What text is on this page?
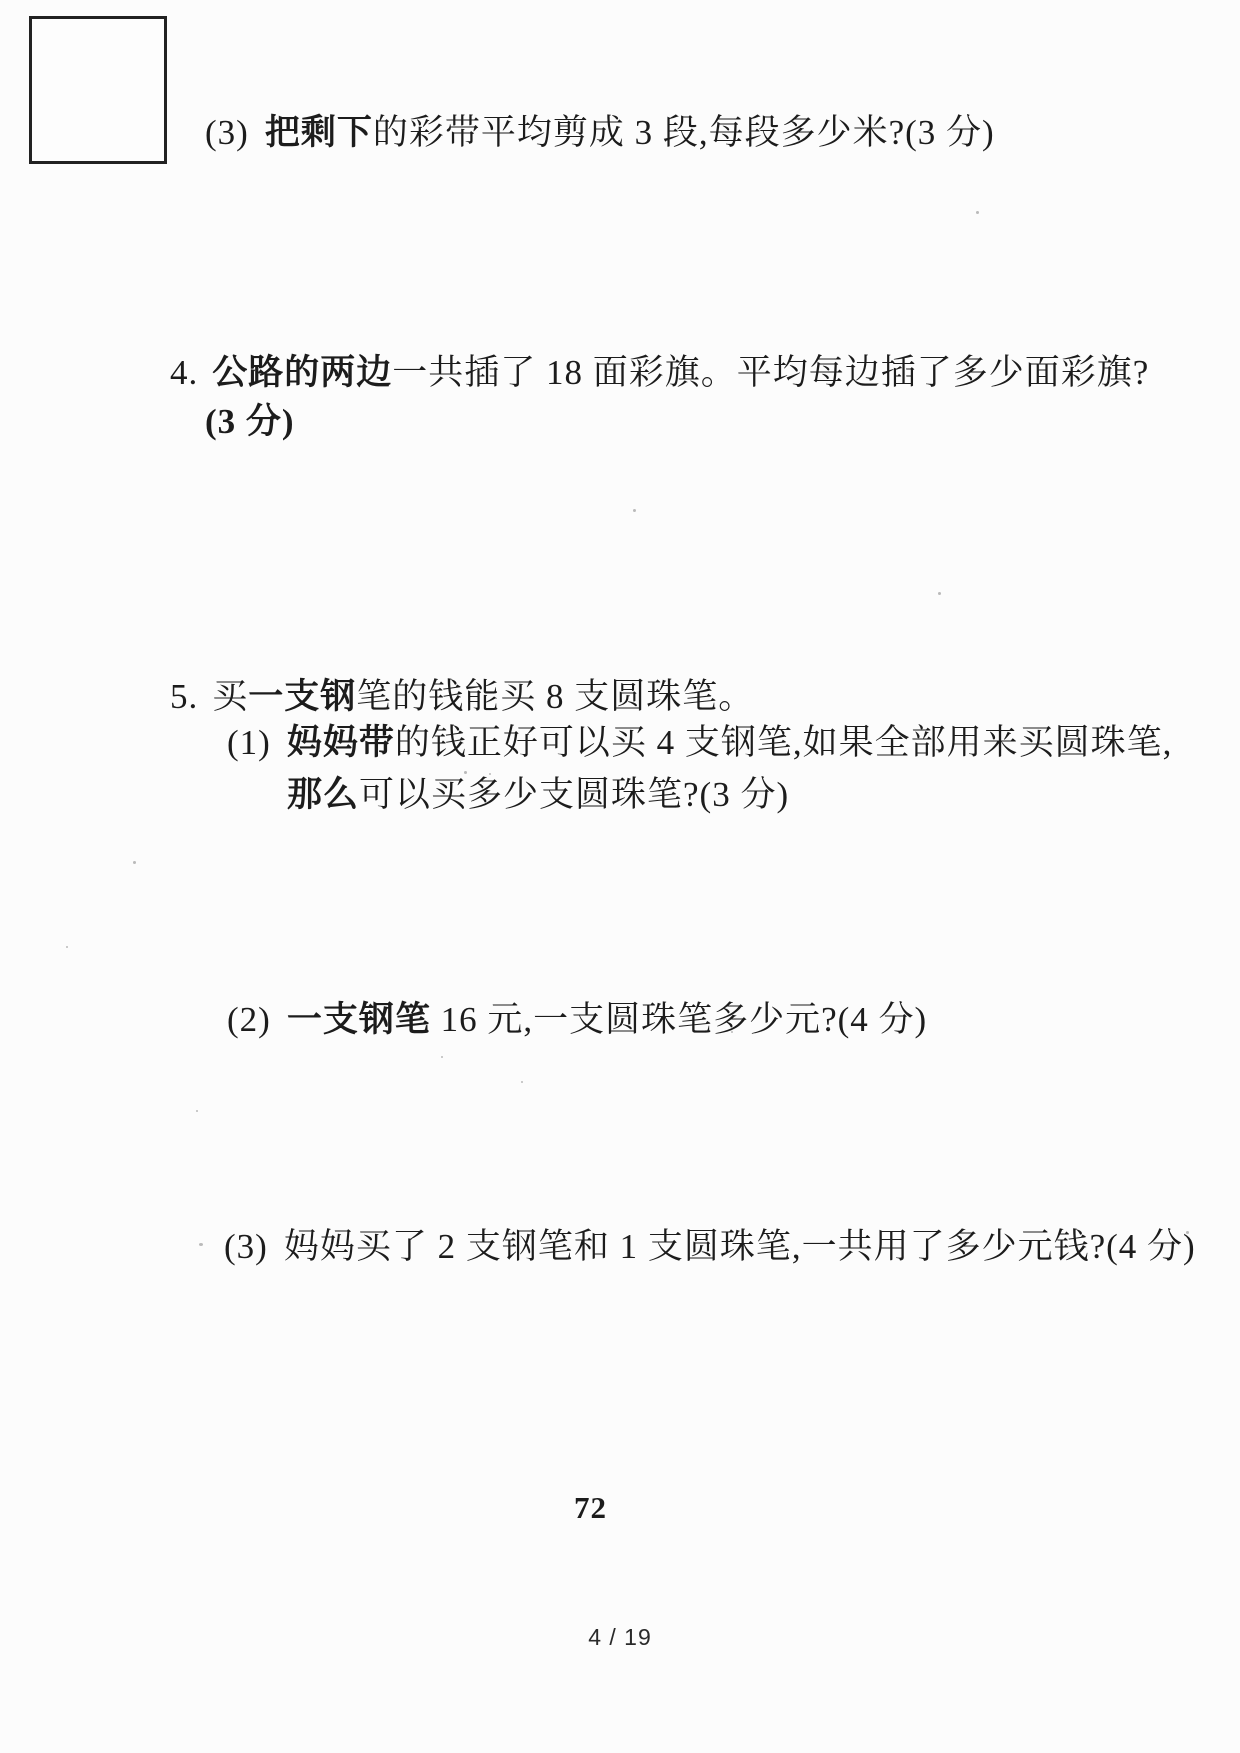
(3) 把剩下的彩带平均剪成 3 段,每段多少米?(3 分)
4. 公路的两边一共插了 18 面彩旗。平均每边插了多少面彩旗?
(3 分)
5. 买一支钢笔的钱能买 8 支圆珠笔。
(1) 妈妈带的钱正好可以买 4 支钢笔,如果全部用来买圆珠笔,
那么可以买多少支圆珠笔?(3 分)
(2) 一支钢笔 16 元,一支圆珠笔多少元?(4 分)
(3) 妈妈买了 2 支钢笔和 1 支圆珠笔,一共用了多少元钱?(4 分)
72
4 / 19
